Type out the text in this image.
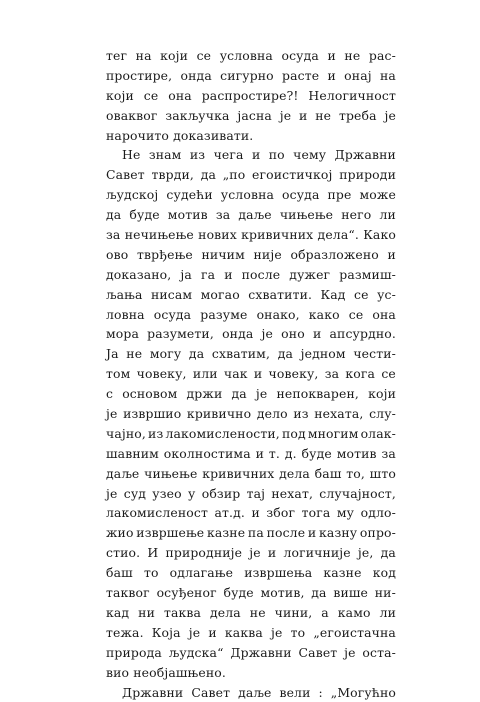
тег на који се условна осуда и не рас-
простире, онда сигурно расте и онај на
који се она распростире?! Нелогичност
оваквог закључка јасна је и не треба је
нарочито доказивати.
Не знам из чега и по чему Државни
Савет тврди, да „по егоистичкој природи
људској судећи условна осуда пре може
да буде мотив за даље чињење него ли
за нечињење нових кривичних дела“. Како
ово тврђење ничим није образложено и
доказано, ја га и после дужег размиш-
љања нисам могао схватити. Кад се ус-
ловна осуда разуме онако, како се она
мора разумети, онда је оно и апсурдно.
Ја не могу да схватим, да једном чести-
том човеку, или чак и човеку, за кога се
с основом држи да је непокварен, који
је извршио кривично дело из нехата, слу-
чајно, из лакомислености, под многим олак-
шавним околностима и т. д. буде мотив за
даље чињење кривичних дела баш то, што
је суд узео у обзир тај нехат, случајност,
лакомисленост ат.д. и због тога му одло-
жио извршење казне па после и казну опро-
стио. И природније је и логичније је, да
баш то одлагање извршења казне код
таквог осуђеног буде мотив, да више ни-
кад ни таква дела не чини, а камо ли
тежа. Која је и каква је то „егоистачна
природа људска“ Државни Савет је оста-
вио необјашњено.
Државни Савет даље вели : „Могућно
